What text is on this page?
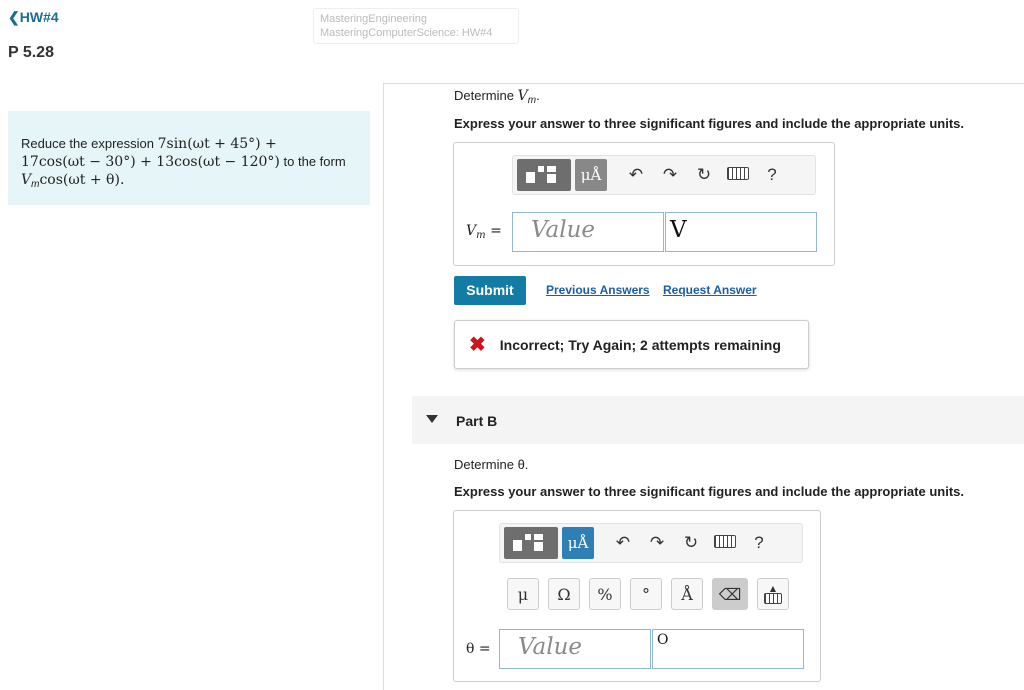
❮HW#4	MasteringEngineering
MasteringComputerScience: HW#4
P 5.28
Reduce the expression 7sin(ωt + 45°) +
17cos(ωt − 30°) + 13cos(ωt − 120°) to the form
$V_m\cos(\omega t + \theta)$.
Determine $V_m$.
Express your answer to three significant figures and include the appropriate units.
μÅ	↶	↷	↻	?
$V_m$ =	Value	V
Submit	Previous Answers Request Answer
✖ Incorrect; Try Again; 2 attempts remaining
Part B
Determine θ.
Express your answer to three significant figures and include the appropriate units.
μÅ	↶	↷	↻	?
μ	Ω	%	°	Å	⌫	▲
θ =	Value	O
